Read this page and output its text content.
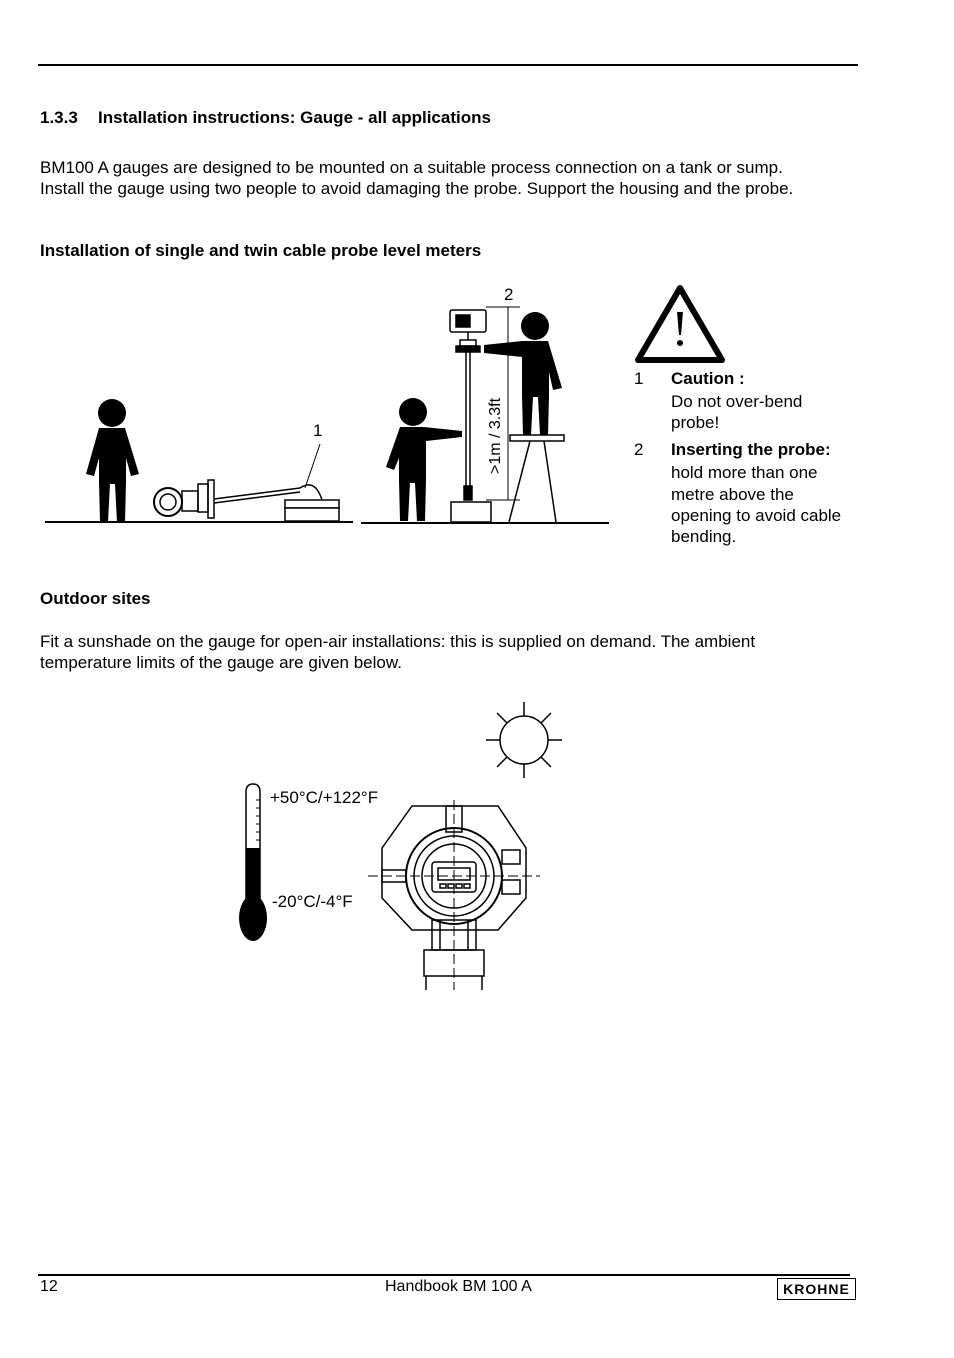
1.3.3 Installation instructions: Gauge - all applications
BM100 A gauges are designed to be mounted on a suitable process connection on a tank or sump.
Install the gauge using two people to avoid damaging the probe. Support the housing and the probe.
Installation of single and twin cable probe level meters
1	>1m / 3.3ft
2
1 Caution :
Do not over-bend
probe!
2 Inserting the probe:
hold more than one
metre above the
opening to avoid cable
bending.
Outdoor sites
Fit a sunshade on the gauge for open-air installations: this is supplied on demand. The ambient
temperature limits of the gauge are given below.
+50°C/+122°F
-20°C/-4°F
12	Handbook BM 100 A	KROHNE
